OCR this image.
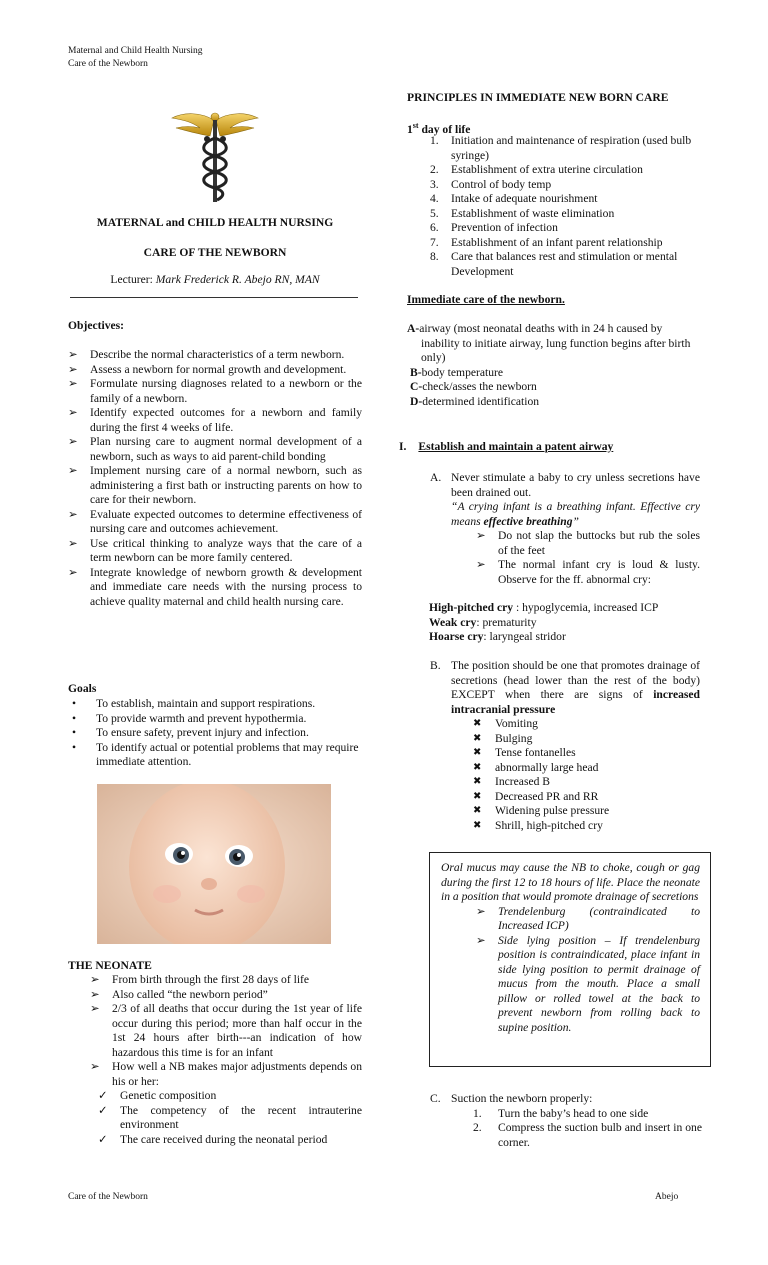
Maternal and Child Health Nursing
Care of the Newborn
MATERNAL and CHILD HEALTH NURSING
CARE OF THE NEWBORN
Lecturer: Mark Frederick R. Abejo RN, MAN
Objectives:
➢ Describe the normal characteristics of a term newborn.
➢ Assess a newborn for normal growth and development.
➢ Formulate nursing diagnoses related to a newborn or the family of a newborn.
➢ Identify expected outcomes for a newborn and family during the first 4 weeks of life.
➢ Plan nursing care to augment normal development of a newborn, such as ways to aid parent-child bonding
➢ Implement nursing care of a normal newborn, such as administering a first bath or instructing parents on how to care for their newborn.
➢ Evaluate expected outcomes to determine effectiveness of nursing care and outcomes achievement.
➢ Use critical thinking to analyze ways that the care of a term newborn can be more family centered.
➢ Integrate knowledge of newborn growth & development and immediate care needs with the nursing process to achieve quality maternal and child health nursing care.
Goals
• To establish, maintain and support respirations.
• To provide warmth and prevent hypothermia.
• To ensure safety, prevent injury and infection.
• To identify actual or potential problems that may require immediate attention.
THE NEONATE
➢ From birth through the first 28 days of life
➢ Also called “the newborn period”
➢ 2/3 of all deaths that occur during the 1st year of life occur during this period; more than half occur in the 1st 24 hours after birth---an indication of how hazardous this time is for an infant
➢ How well a NB makes major adjustments depends on his or her:
✓ Genetic composition
✓ The competency of the recent intrauterine environment
✓ The care received during the neonatal period
PRINCIPLES IN IMMEDIATE NEW BORN CARE
1st day of life
1. Initiation and maintenance of respiration (used bulb syringe)
2. Establishment of extra uterine circulation
3. Control of body temp
4. Intake of adequate nourishment
5. Establishment of waste elimination
6. Prevention of infection
7. Establishment of an infant parent relationship
8. Care that balances rest and stimulation or mental Development
Immediate care of the newborn.
A-airway (most neonatal deaths with in 24 h caused by inability to initiate airway, lung function begins after birth only)
B-body temperature
C-check/asses the newborn
D-determined identification
I. Establish and maintain a patent airway
A. Never stimulate a baby to cry unless secretions have been drained out.
“A crying infant is a breathing infant. Effective cry means effective breathing”
➢ Do not slap the buttocks but rub the soles of the feet
➢ The normal infant cry is loud & lusty. Observe for the ff. abnormal cry:
High-pitched cry : hypoglycemia, increased ICP
Weak cry: prematurity
Hoarse cry: laryngeal stridor
B. The position should be one that promotes drainage of secretions (head lower than the rest of the body) EXCEPT when there are signs of increased intracranial pressure
✖ Vomiting
✖ Bulging
✖ Tense fontanelles
✖ abnormally large head
✖ Increased B
✖ Decreased PR and RR
✖ Widening pulse pressure
✖ Shrill, high-pitched cry
Oral mucus may cause the NB to choke, cough or gag during the first 12 to 18 hours of life. Place the neonate in a position that would promote drainage of secretions
➢ Trendelenburg (contraindicated to Increased ICP)
➢ Side lying position – If trendelenburg position is contraindicated, place infant in side lying position to permit drainage of mucus from the mouth. Place a small pillow or rolled towel at the back to prevent newborn from rolling back to supine position.
C. Suction the newborn properly:
1. Turn the baby’s head to one side
2. Compress the suction bulb and insert in one corner.
Care of the Newborn	Abejo
